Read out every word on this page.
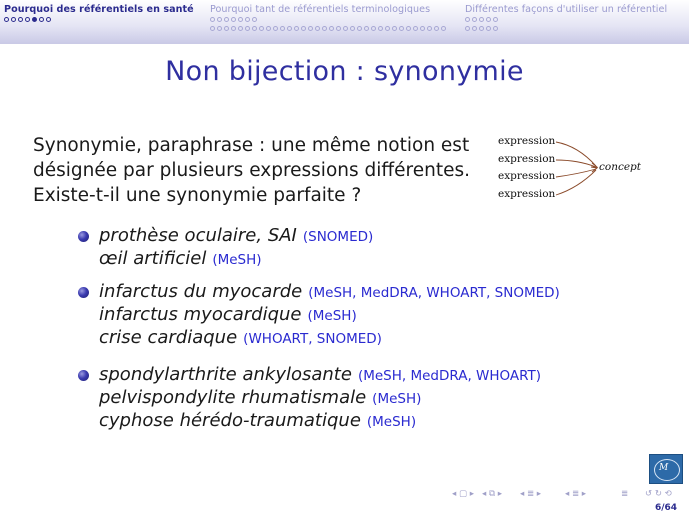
Pourquoi des référentiels en santé Pourquoi tant de référentiels terminologiques	Différentes façons d'utiliser un référentiel
Non bijection : synonymie
Synonymie, paraphrase : une même notion est désignée par plusieurs expressions différentes. Existe-t-il une synonymie parfaite ?
expression
expression
expression
expression
concept
prothèse oculaire, SAI (SNOMED)
œil artificiel (MeSH)
infarctus du myocarde (MeSH, MedDRA, WHOART, SNOMED)
infarctus myocardique (MeSH)
crise cardiaque (WHOART, SNOMED)
spondylarthrite ankylosante (MeSH, MedDRA, WHOART)
pelvispondylite rhumatismale (MeSH)
cyphose hérédo-traumatique (MeSH)
M
◂ ▢ ▸ ◂ ⧉ ▸ ◂ ≣ ▸	◂ ≣ ▸	≣ ↺ ↻ ⟲
6/64
